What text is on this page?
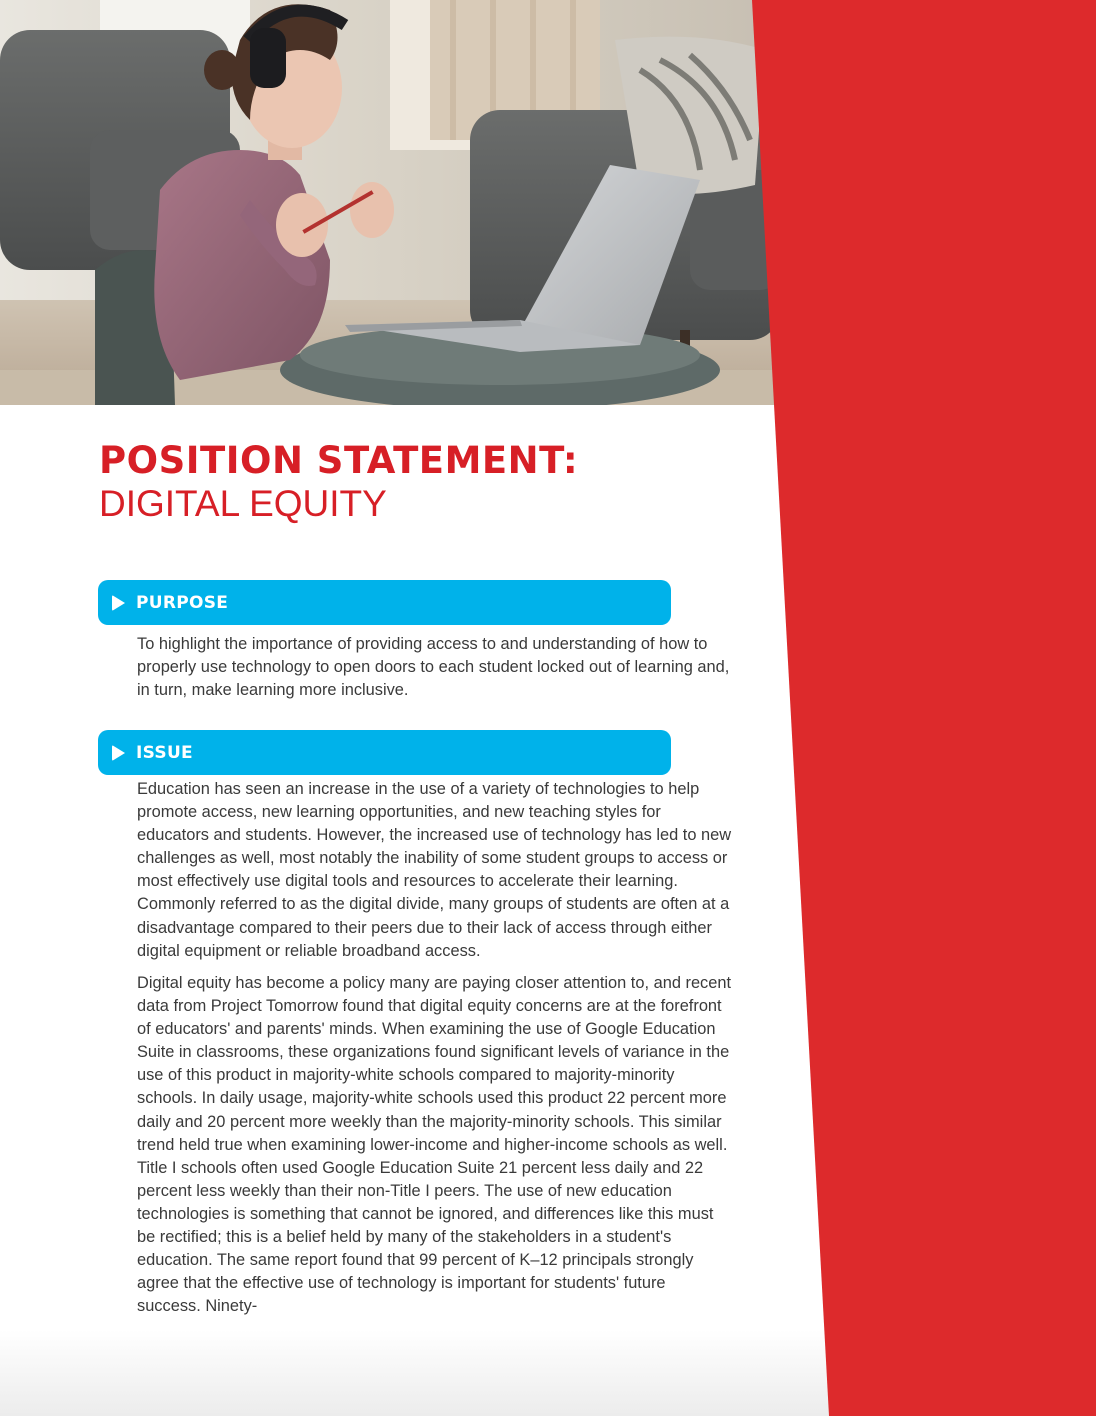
POSITION STATEMENT:
DIGITAL EQUITY
PURPOSE

To highlight the importance of providing access to and understanding of how to properly use technology to open doors to each student locked out of learning and, in turn, make learning more inclusive.

ISSUE

Education has seen an increase in the use of a variety of technologies to help promote access, new learning opportunities, and new teaching styles for educators and students. However, the increased use of technology has led to new challenges as well, most notably the inability of some student groups to access or most effectively use digital tools and resources to accelerate their learning. Commonly referred to as the digital divide, many groups of students are often at a disadvantage compared to their peers due to their lack of access through either digital equipment or reliable broadband access.

Digital equity has become a policy many are paying closer attention to, and recent data from Project Tomorrow found that digital equity concerns are at the forefront of educators' and parents' minds. When examining the use of Google Education Suite in classrooms, these organizations found significant levels of variance in the use of this product in majority-white schools compared to majority-minority schools. In daily usage, majority-white schools used this product 22 percent more daily and 20 percent more weekly than the majority-minority schools. This similar trend held true when examining lower-income and higher-income schools as well. Title I schools often used Google Education Suite 21 percent less daily and 22 percent less weekly than their non-Title I peers. The use of new education technologies is something that cannot be ignored, and differences like this must be rectified; this is a belief held by many of the stakeholders in a student's education. The same report found that 99 percent of K–12 principals strongly agree that the effective use of technology is important for students' future success. Ninety-
